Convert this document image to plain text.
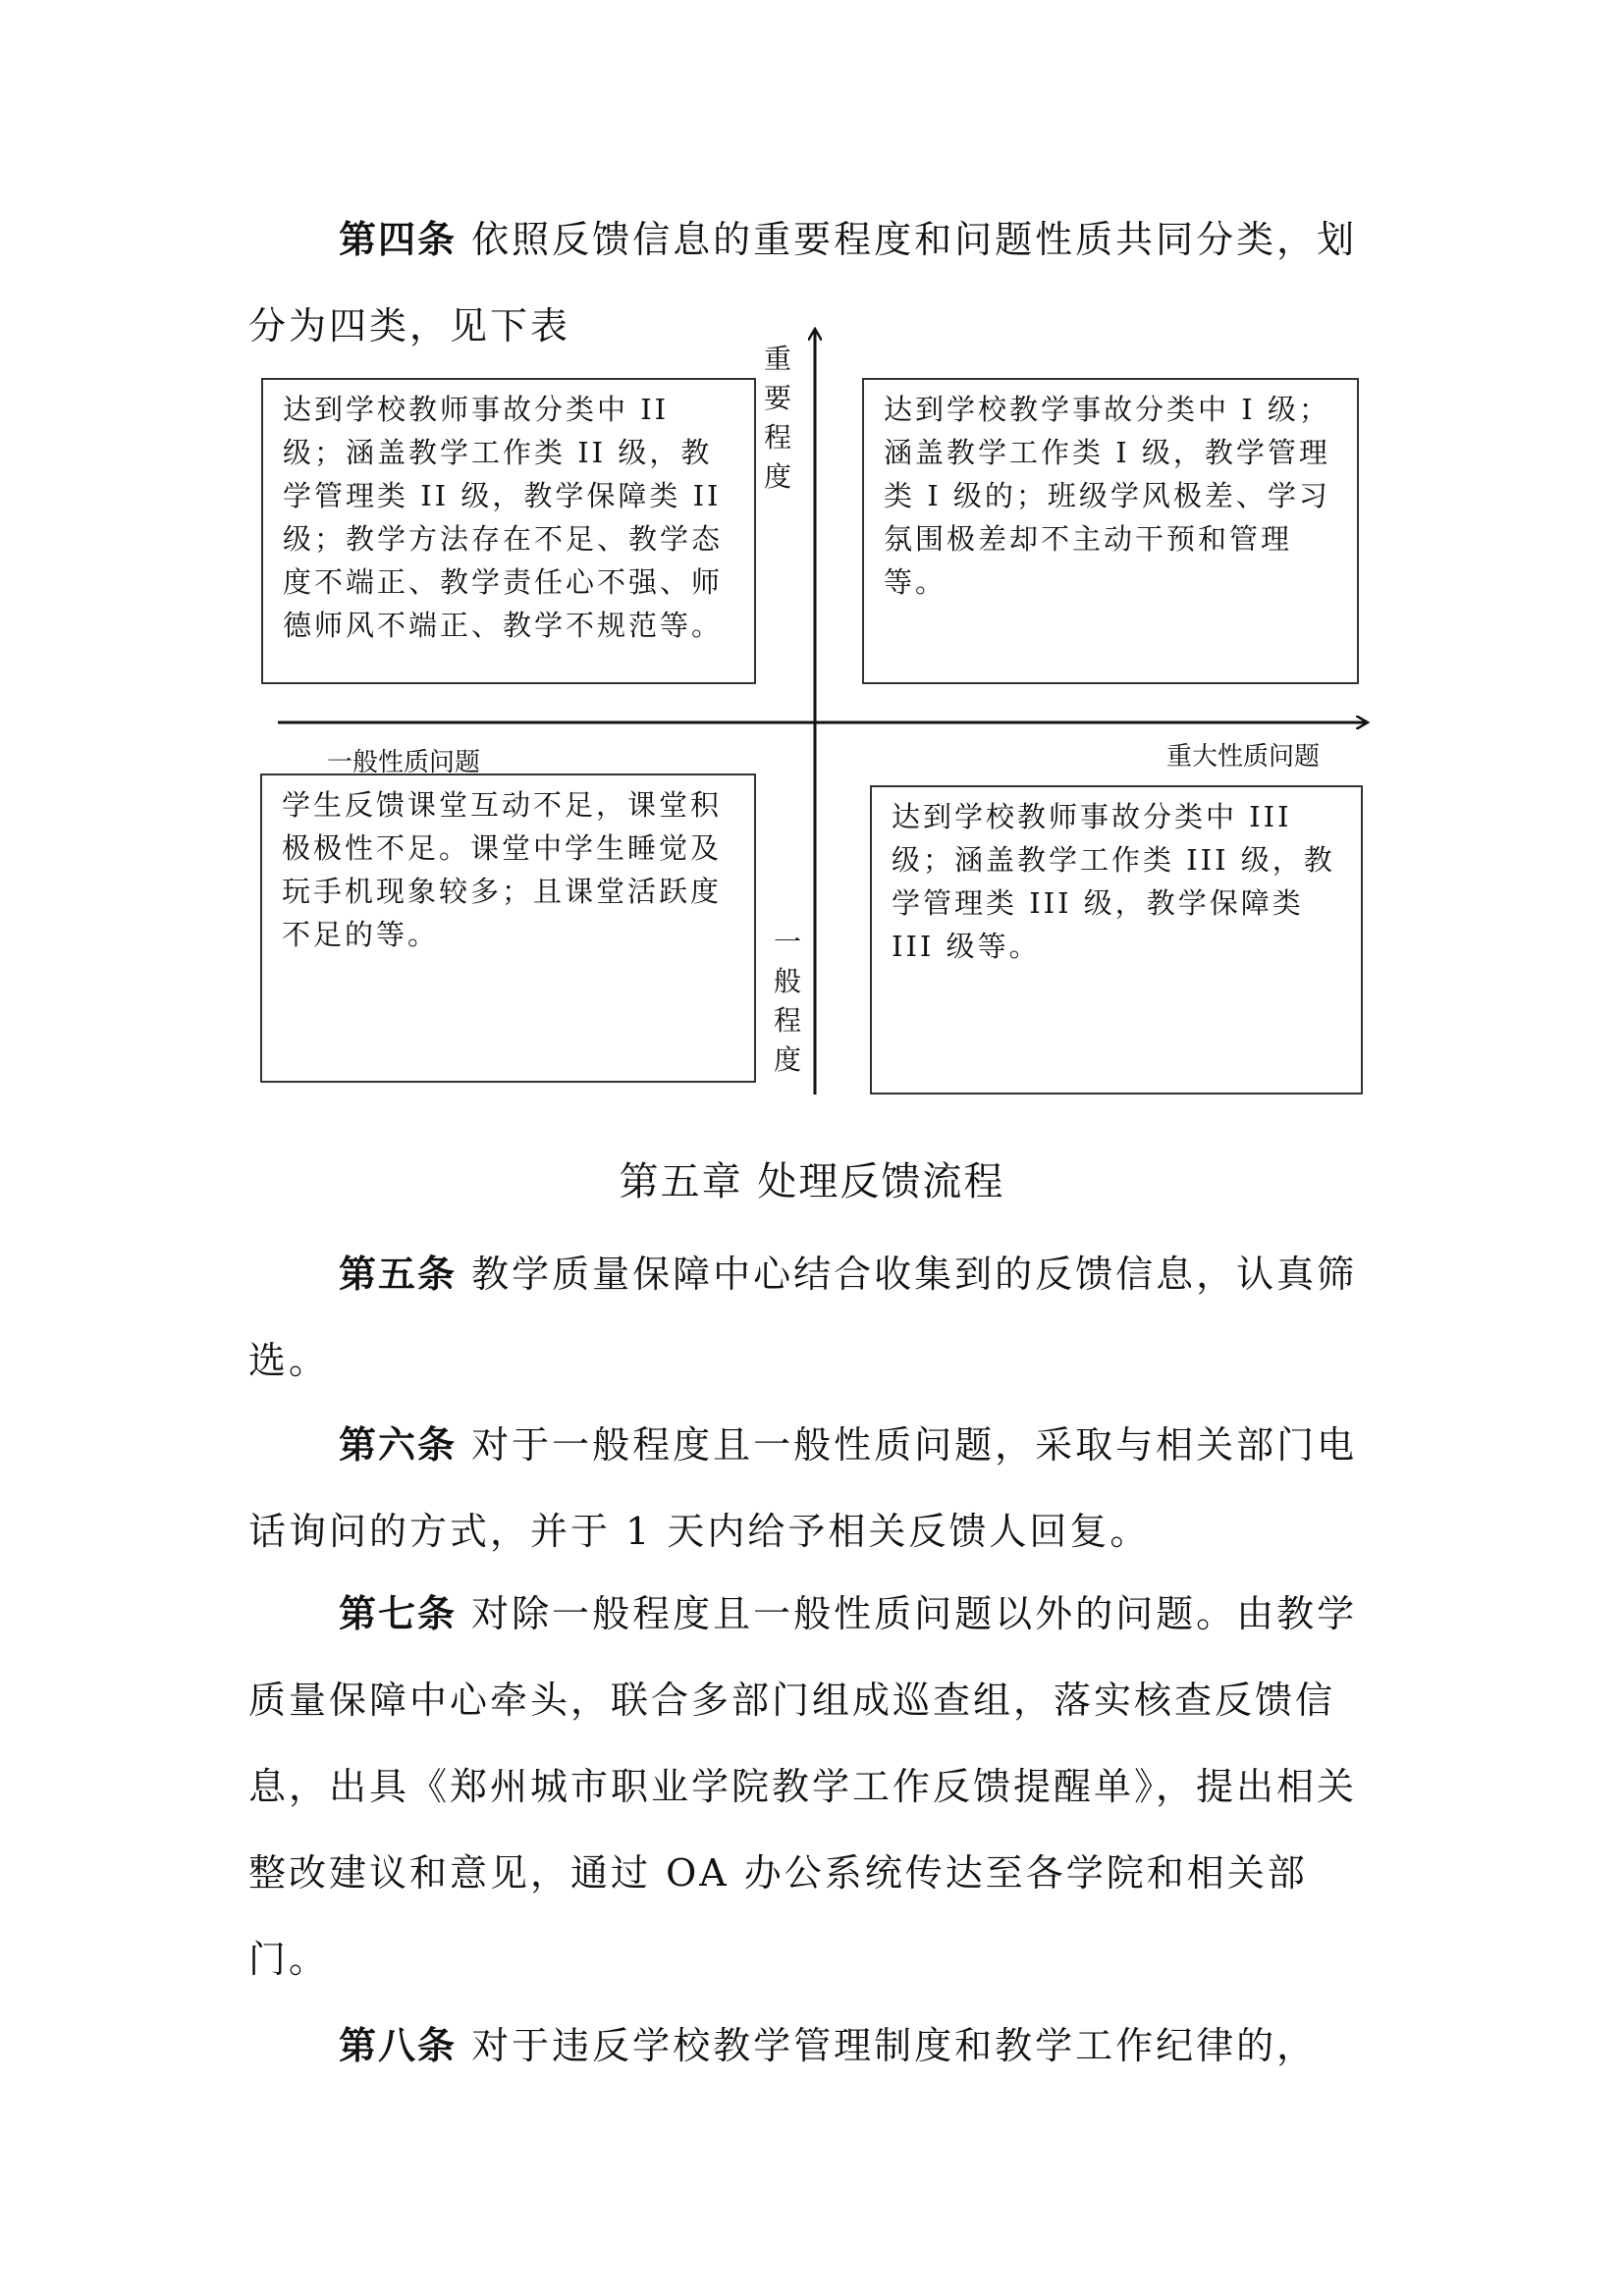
第四条 依照反馈信息的重要程度和问题性质共同分类，划分为四类，见下表

重
要
程
度
一
般
程
度
一般性质问题	重大性质问题
达到学校教师事故分类中 II 级；涵盖教学工作类 II 级，教学管理类 II 级，教学保障类 II 级；教学方法存在不足、教学态度不端正、教学责任心不强、师德师风不端正、教学不规范等。
达到学校教学事故分类中 I 级；涵盖教学工作类 I 级，教学管理类 I 级的；班级学风极差、学习氛围极差却不主动干预和管理等。
学生反馈课堂互动不足，课堂积极极性不足。课堂中学生睡觉及玩手机现象较多；且课堂活跃度不足的等。
达到学校教师事故分类中 III 级；涵盖教学工作类 III 级，教学管理类 III 级，教学保障类 III 级等。
第五章 处理反馈流程

第五条 教学质量保障中心结合收集到的反馈信息，认真筛选。

第六条 对于一般程度且一般性质问题，采取与相关部门电话询问的方式，并于 1 天内给予相关反馈人回复。

第七条 对除一般程度且一般性质问题以外的问题。由教学质量保障中心牵头，联合多部门组成巡查组，落实核查反馈信息，出具《郑州城市职业学院教学工作反馈提醒单》，提出相关整改建议和意见，通过 OA 办公系统传达至各学院和相关部门。

第八条 对于违反学校教学管理制度和教学工作纪律的，
